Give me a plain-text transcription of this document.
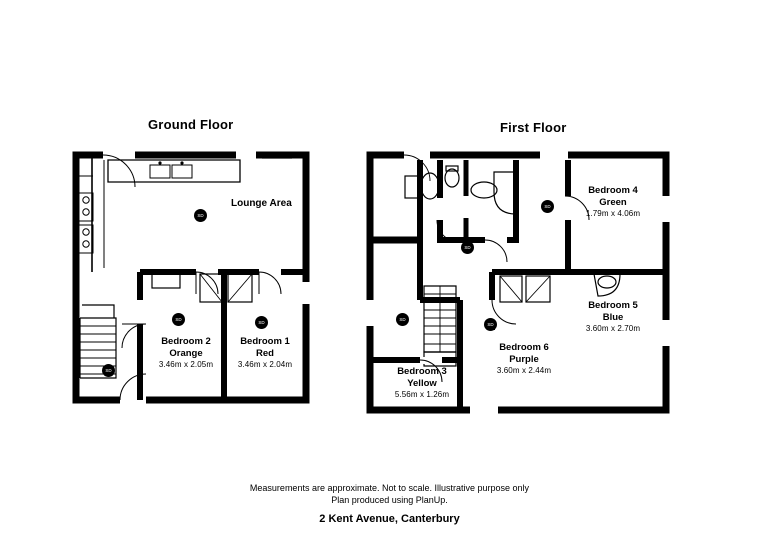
Ground Floor	First Floor
SD
SD
SD
SD
SD
SD
SD
SD
Lounge Area
Bedroom 2
Orange
3.46m x 2.05m
Bedroom 1
Red
3.46m x 2.04m
Bedroom 4
Green
1.79m x 4.06m
Bedroom 5
Blue
3.60m x 2.70m
Bedroom 6
Purple
3.60m x 2.44m
Bedroom 3
Yellow
5.56m x 1.26m
Measurements are approximate. Not to scale. Illustrative purpose only
Plan produced using PlanUp.
2 Kent Avenue, Canterbury
